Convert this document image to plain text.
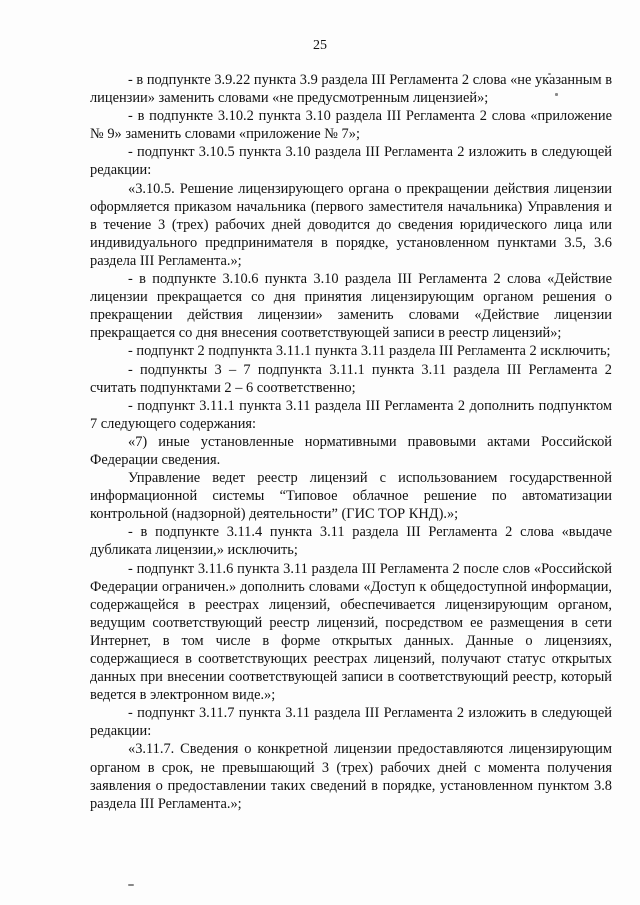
25

- в подпункте 3.9.22 пункта 3.9 раздела III Регламента 2 слова «не указанным в лицензии» заменить словами «не предусмотренным лицензией»;

- в подпункте 3.10.2 пункта 3.10 раздела III Регламента 2 слова «приложение № 9» заменить словами «приложение № 7»;

- подпункт 3.10.5 пункта 3.10 раздела III Регламента 2 изложить в следующей редакции:

«3.10.5. Решение лицензирующего органа о прекращении действия лицензии оформляется приказом начальника (первого заместителя начальника) Управления и в течение 3 (трех) рабочих дней доводится до сведения юридического лица или индивидуального предпринимателя в порядке, установленном пунктами 3.5, 3.6 раздела III Регламента.»;

- в подпункте 3.10.6 пункта 3.10 раздела III Регламента 2 слова «Действие лицензии прекращается со дня принятия лицензирующим органом решения о прекращении действия лицензии» заменить словами «Действие лицензии прекращается со дня внесения соответствующей записи в реестр лицензий»;

- подпункт 2 подпункта 3.11.1 пункта 3.11 раздела III Регламента 2 исключить;

- подпункты 3 – 7 подпункта 3.11.1 пункта 3.11 раздела III Регламента 2 считать подпунктами 2 – 6 соответственно;

- подпункт 3.11.1 пункта 3.11 раздела III Регламента 2 дополнить подпунктом 7 следующего содержания:

«7) иные установленные нормативными правовыми актами Российской Федерации сведения.

Управление ведет реестр лицензий с использованием государственной информационной системы “Типовое облачное решение по автоматизации контрольной (надзорной) деятельности” (ГИС ТОР КНД).»;

- в подпункте 3.11.4 пункта 3.11 раздела III Регламента 2 слова «выдаче дубликата лицензии,» исключить;

- подпункт 3.11.6 пункта 3.11 раздела III Регламента 2 после слов «Российской Федерации ограничен.» дополнить словами «Доступ к общедоступной информации, содержащейся в реестрах лицензий, обеспечивается лицензирующим органом, ведущим соответствующий реестр лицензий, посредством ее размещения в сети Интернет, в том числе в форме открытых данных. Данные о лицензиях, содержащиеся в соответствующих реестрах лицензий, получают статус открытых данных при внесении соответствующей записи в соответствующий реестр, который ведется в электронном виде.»;

- подпункт 3.11.7 пункта 3.11 раздела III Регламента 2 изложить в следующей редакции:

«3.11.7. Сведения о конкретной лицензии предоставляются лицензирующим органом в срок, не превышающий 3 (трех) рабочих дней с момента получения заявления о предоставлении таких сведений в порядке, установленном пунктом 3.8 раздела III Регламента.»;
